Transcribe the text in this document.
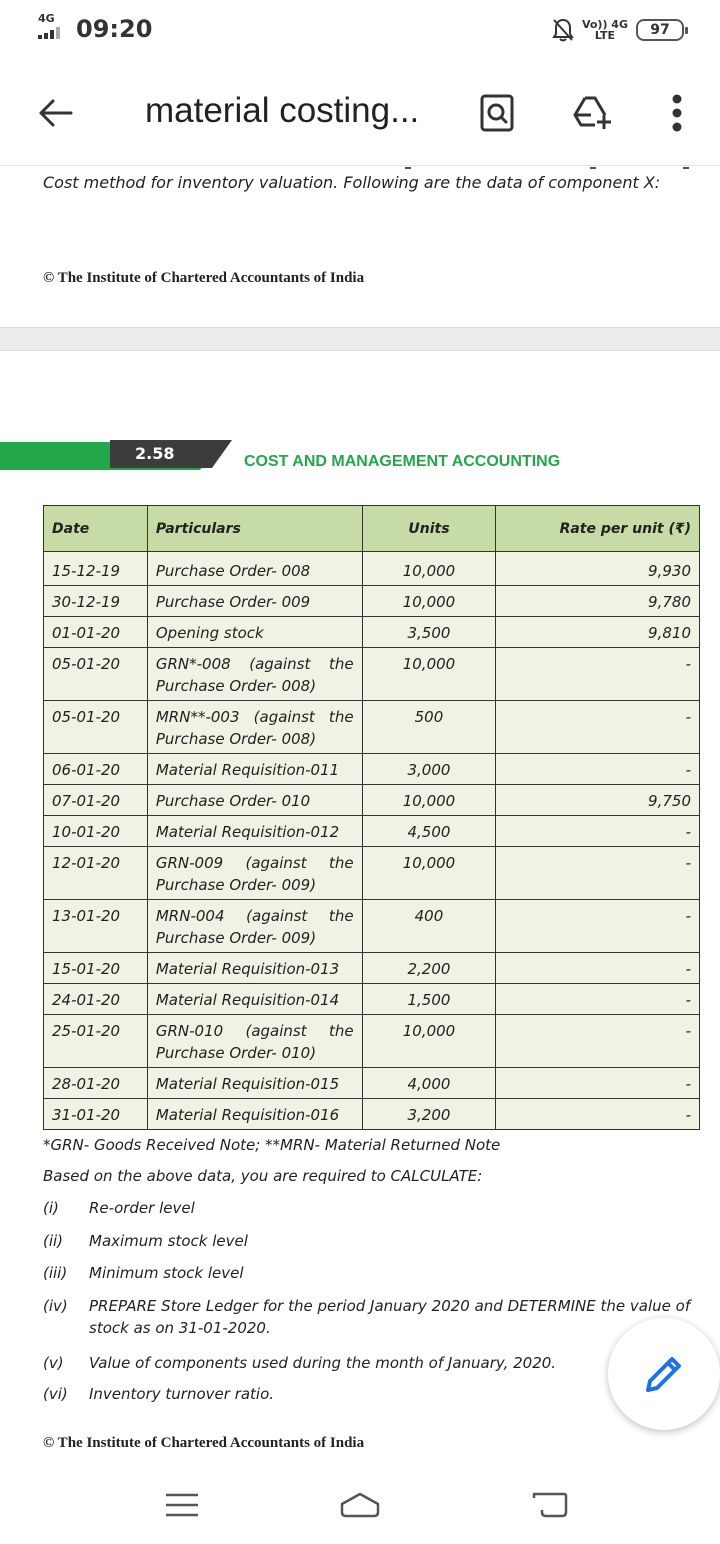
4G 09:20	Vo)) 4G
LTE	97
material costing...
Cost method for inventory valuation. Following are the data of component X:
© The Institute of Chartered Accountants of India
2.58	COST AND MANAGEMENT ACCOUNTING
Date	Particulars	Units	Rate per unit (₹)
15-12-19	Purchase Order- 008	10,000	9,930
30-12-19	Purchase Order- 009	10,000	9,780
01-01-20	Opening stock	3,500	9,810
05-01-20	GRN*-008 (against the Purchase Order- 008)	10,000	-
05-01-20	MRN**-003 (against the Purchase Order- 008)	500	-
06-01-20	Material Requisition-011	3,000	-
07-01-20	Purchase Order- 010	10,000	9,750
10-01-20	Material Requisition-012	4,500	-
12-01-20	GRN-009 (against the Purchase Order- 009)	10,000	-
13-01-20	MRN-004 (against the Purchase Order- 009)	400	-
15-01-20	Material Requisition-013	2,200	-
24-01-20	Material Requisition-014	1,500	-
25-01-20	GRN-010 (against the Purchase Order- 010)	10,000	-
28-01-20	Material Requisition-015	4,000	-
31-01-20	Material Requisition-016	3,200	-
*GRN- Goods Received Note; **MRN- Material Returned Note
Based on the above data, you are required to CALCULATE:
(i) Re-order level
(ii) Maximum stock level
(iii) Minimum stock level
(iv) PREPARE Store Ledger for the period January 2020 and DETERMINE the value of stock as on 31-01-2020.
(v) Value of components used during the month of January, 2020.
(vi) Inventory turnover ratio.
© The Institute of Chartered Accountants of India
